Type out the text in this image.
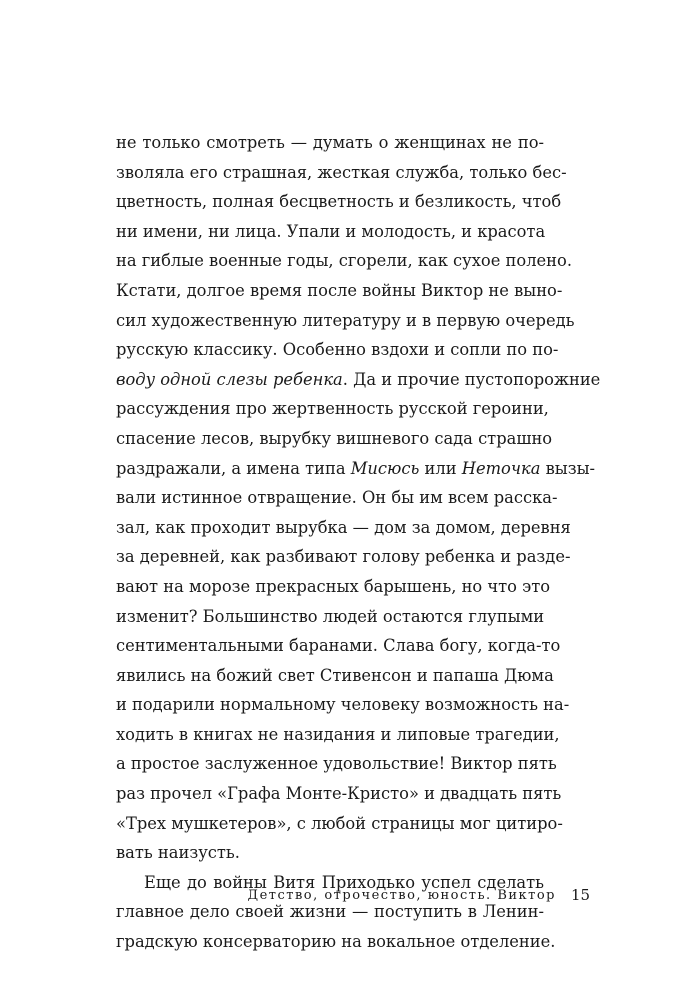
не только смотреть — думать о женщинах не по-
зволяла его страшная, жесткая служба, только бес-
цветность, полная бесцветность и безликость, чтоб
ни имени, ни лица. Упали и молодость, и красота
на гиблые военные годы, сгорели, как сухое полено.
Кстати, долгое время после войны Виктор не выно-
сил художественную литературу и в первую очередь
русскую классику. Особенно вздохи и сопли по по-
воду одной слезы ребенка. Да и прочие пустопорожние
рассуждения про жертвенность русской героини,
спасение лесов, вырубку вишневого сада страшно
раздражали, а имена типа Мисюсь или Неточка вызы-
вали истинное отвращение. Он бы им всем расска-
зал, как проходит вырубка — дом за домом, деревня
за деревней, как разбивают голову ребенка и разде-
вают на морозе прекрасных барышень, но что это
изменит? Большинство людей остаются глупыми
сентиментальными баранами. Слава богу, когда-то
явились на божий свет Стивенсон и папаша Дюма
и подарили нормальному человеку возможность на-
ходить в книгах не назидания и липовые трагедии,
а простое заслуженное удовольствие! Виктор пять
раз прочел «Графа Монте-Кристо» и двадцать пять
«Трех мушкетеров», с любой страницы мог цитиро-
вать наизусть.
Еще до войны Витя Приходько успел сделать
главное дело своей жизни — поступить в Ленин-
градскую консерваторию на вокальное отделение.
Детство, отрочество, юность. Виктор 15
